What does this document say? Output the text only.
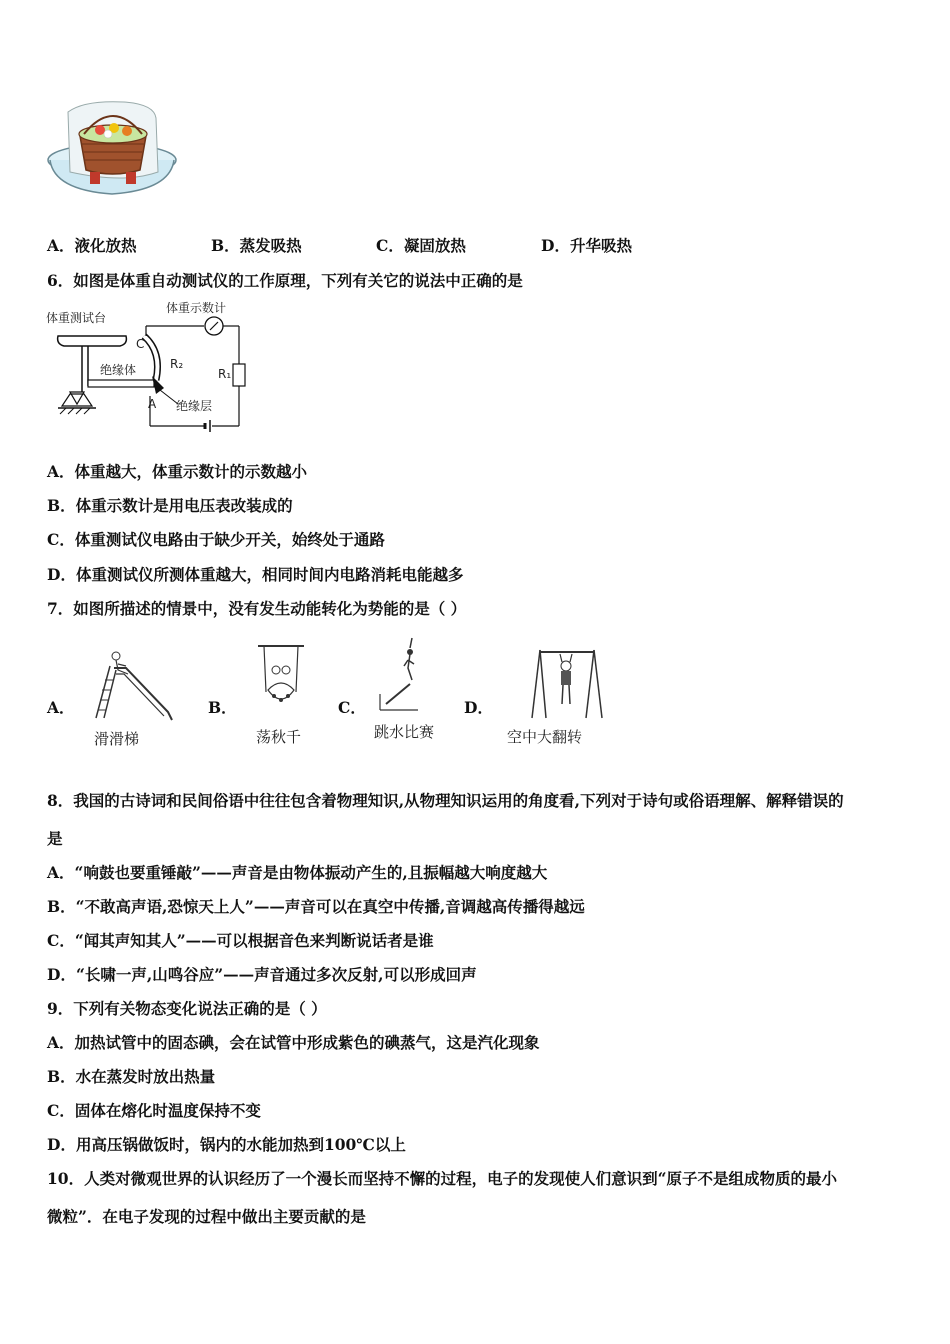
A．液化放热	B．蒸发吸热	C．凝固放热	D．升华吸热
6．如图是体重自动测试仪的工作原理，下列有关它的说法中正确的是
体重测试台
体重示数计
绝缘体
C
R₂
A 绝缘层
R₁
A．体重越大，体重示数计的示数越小
B．体重示数计是用电压表改装成的
C．体重测试仪电路由于缺少开关，始终处于通路
D．体重测试仪所测体重越大，相同时间内电路消耗电能越多
7．如图所描述的情景中，没有发生动能转化为势能的是（ ）
A．
滑滑梯
B．
荡秋千
C．
跳水比赛
D．
空中大翻转
8．我国的古诗词和民间俗语中往往包含着物理知识,从物理知识运用的角度看,下列对于诗句或俗语理解、解释错误的
是
A．“响鼓也要重锤敲”——声音是由物体振动产生的,且振幅越大响度越大
B．“不敢高声语,恐惊天上人”——声音可以在真空中传播,音调越高传播得越远
C．“闻其声知其人”——可以根据音色来判断说话者是谁
D．“长啸一声,山鸣谷应”——声音通过多次反射,可以形成回声
9．下列有关物态变化说法正确的是（ ）
A．加热试管中的固态碘，会在试管中形成紫色的碘蒸气，这是汽化现象
B．水在蒸发时放出热量
C．固体在熔化时温度保持不变
D．用高压锅做饭时，锅内的水能加热到100℃以上
10．人类对微观世界的认识经历了一个漫长而坚持不懈的过程，电子的发现使人们意识到“原子不是组成物质的最小
微粒”．在电子发现的过程中做出主要贡献的是
